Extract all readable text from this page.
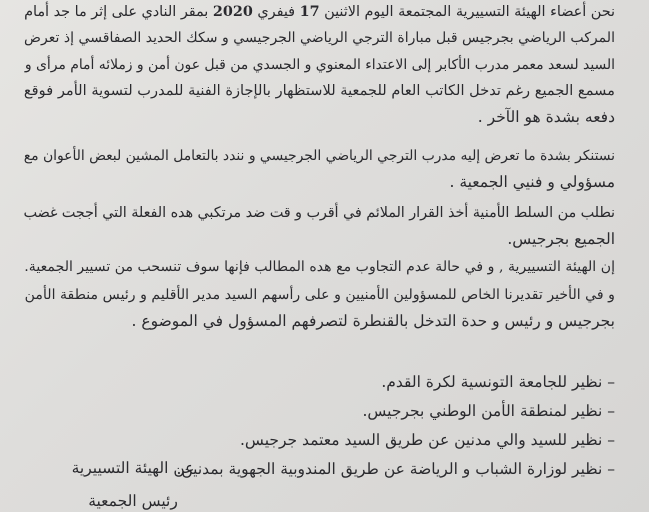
نحن أعضاء الهيئة التسييرية المجتمعة اليوم الاثنين 17 فيفري 2020 بمقر النادي على إثر ما جد أمام
المركب الرياضي بجرجيس قبل مباراة الترجي الرياضي الجرجيسي و سكك الحديد الصفاقسي إذ تعرض
السيد لسعد معمر مدرب الأكابر إلى الاعتداء المعنوي و الجسدي من قبل عون أمن و زملائه أمام مرأى و
مسمع الجميع رغم تدخل الكاتب العام للجمعية للاستظهار بالإجازة الفنية للمدرب لتسوية الأمر فوقع
دفعه بشدة هو الآخر .
نستنكر بشدة ما تعرض إليه مدرب الترجي الرياضي الجرجيسي و نندد بالتعامل المشين لبعض الأعوان مع
مسؤولي و فنيي الجمعية .
نطلب من السلط الأمنية أخذ القرار الملائم في أقرب و قت ضد مرتكبي هده الفعلة التي أججت غضب
الجميع بجرجيس.
إن الهيئة التسييرية , و في حالة عدم التجاوب مع هده المطالب فإنها سوف تنسحب من تسيير الجمعية.
و في الأخير تقديرنا الخاص للمسؤولين الأمنيين و على رأسهم السيد مدير الأقليم و رئيس منطقة الأمن
بجرجيس و رئيس و حدة التدخل بالقنطرة لتصرفهم المسؤول في الموضوع .
– نظير للجامعة التونسية لكرة القدم.
– نظير لمنطقة الأمن الوطني بجرجيس.
– نظير للسيد والي مدنين عن طريق السيد معتمد جرجيس.
– نظير لوزارة الشباب و الرياضة عن طريق المندوبية الجهوية بمدنين.
عن الهيئة التسييرية
رئيس الجمعية
